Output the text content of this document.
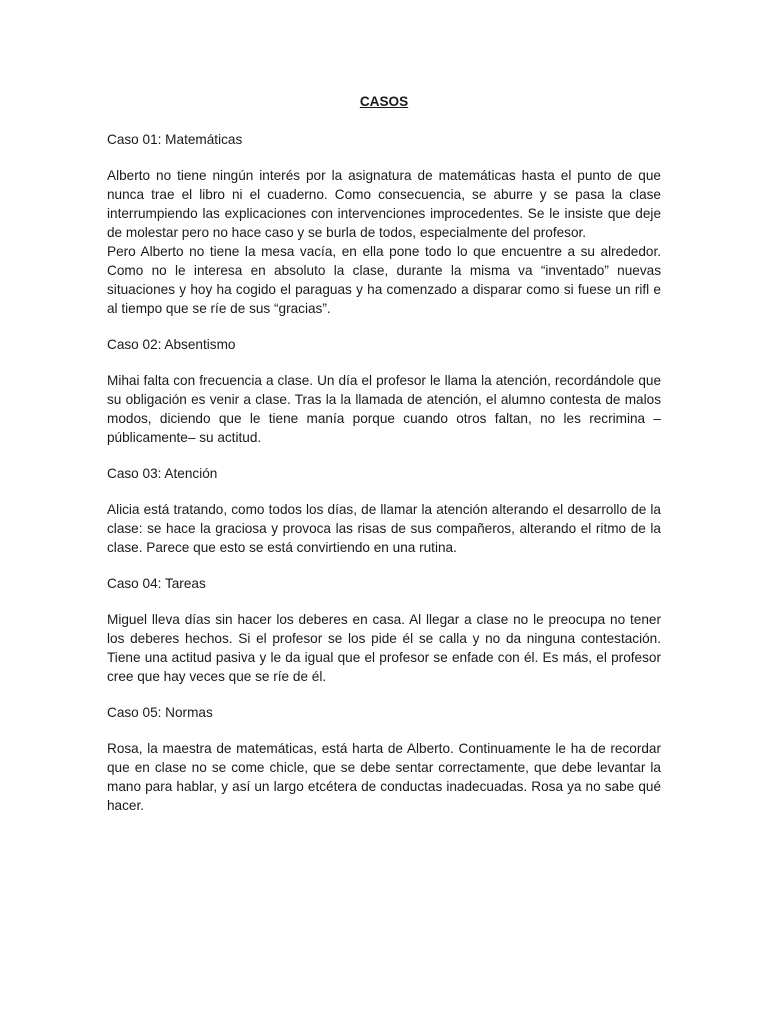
CASOS
Caso 01: Matemáticas

Alberto no tiene ningún interés por la asignatura de matemáticas hasta el punto de que nunca trae el libro ni el cuaderno. Como consecuencia, se aburre y se pasa la clase interrumpiendo las explicaciones con intervenciones improcedentes. Se le insiste que deje de molestar pero no hace caso y se burla de todos, especialmente del profesor.

Pero Alberto no tiene la mesa vacía, en ella pone todo lo que encuentre a su alrededor. Como no le interesa en absoluto la clase, durante la misma va “inventado” nuevas situaciones y hoy ha cogido el paraguas y ha comenzado a disparar como si fuese un rifl e al tiempo que se ríe de sus “gracias”.

Caso 02: Absentismo

Mihai falta con frecuencia a clase. Un día el profesor le llama la atención, recordándole que su obligación es venir a clase. Tras la la llamada de atención, el alumno contesta de malos modos, diciendo que le tiene manía porque cuando otros faltan, no les recrimina –públicamente– su actitud.

Caso 03: Atención

Alicia está tratando, como todos los días, de llamar la atención alterando el desarrollo de la clase: se hace la graciosa y provoca las risas de sus compañeros, alterando el ritmo de la clase. Parece que esto se está convirtiendo en una rutina.

Caso 04: Tareas

Miguel lleva días sin hacer los deberes en casa. Al llegar a clase no le preocupa no tener los deberes hechos. Si el profesor se los pide él se calla y no da ninguna contestación. Tiene una actitud pasiva y le da igual que el profesor se enfade con él. Es más, el profesor cree que hay veces que se ríe de él.

Caso 05: Normas

Rosa, la maestra de matemáticas, está harta de Alberto. Continuamente le ha de recordar que en clase no se come chicle, que se debe sentar correctamente, que debe levantar la mano para hablar, y así un largo etcétera de conductas inadecuadas. Rosa ya no sabe qué hacer.
